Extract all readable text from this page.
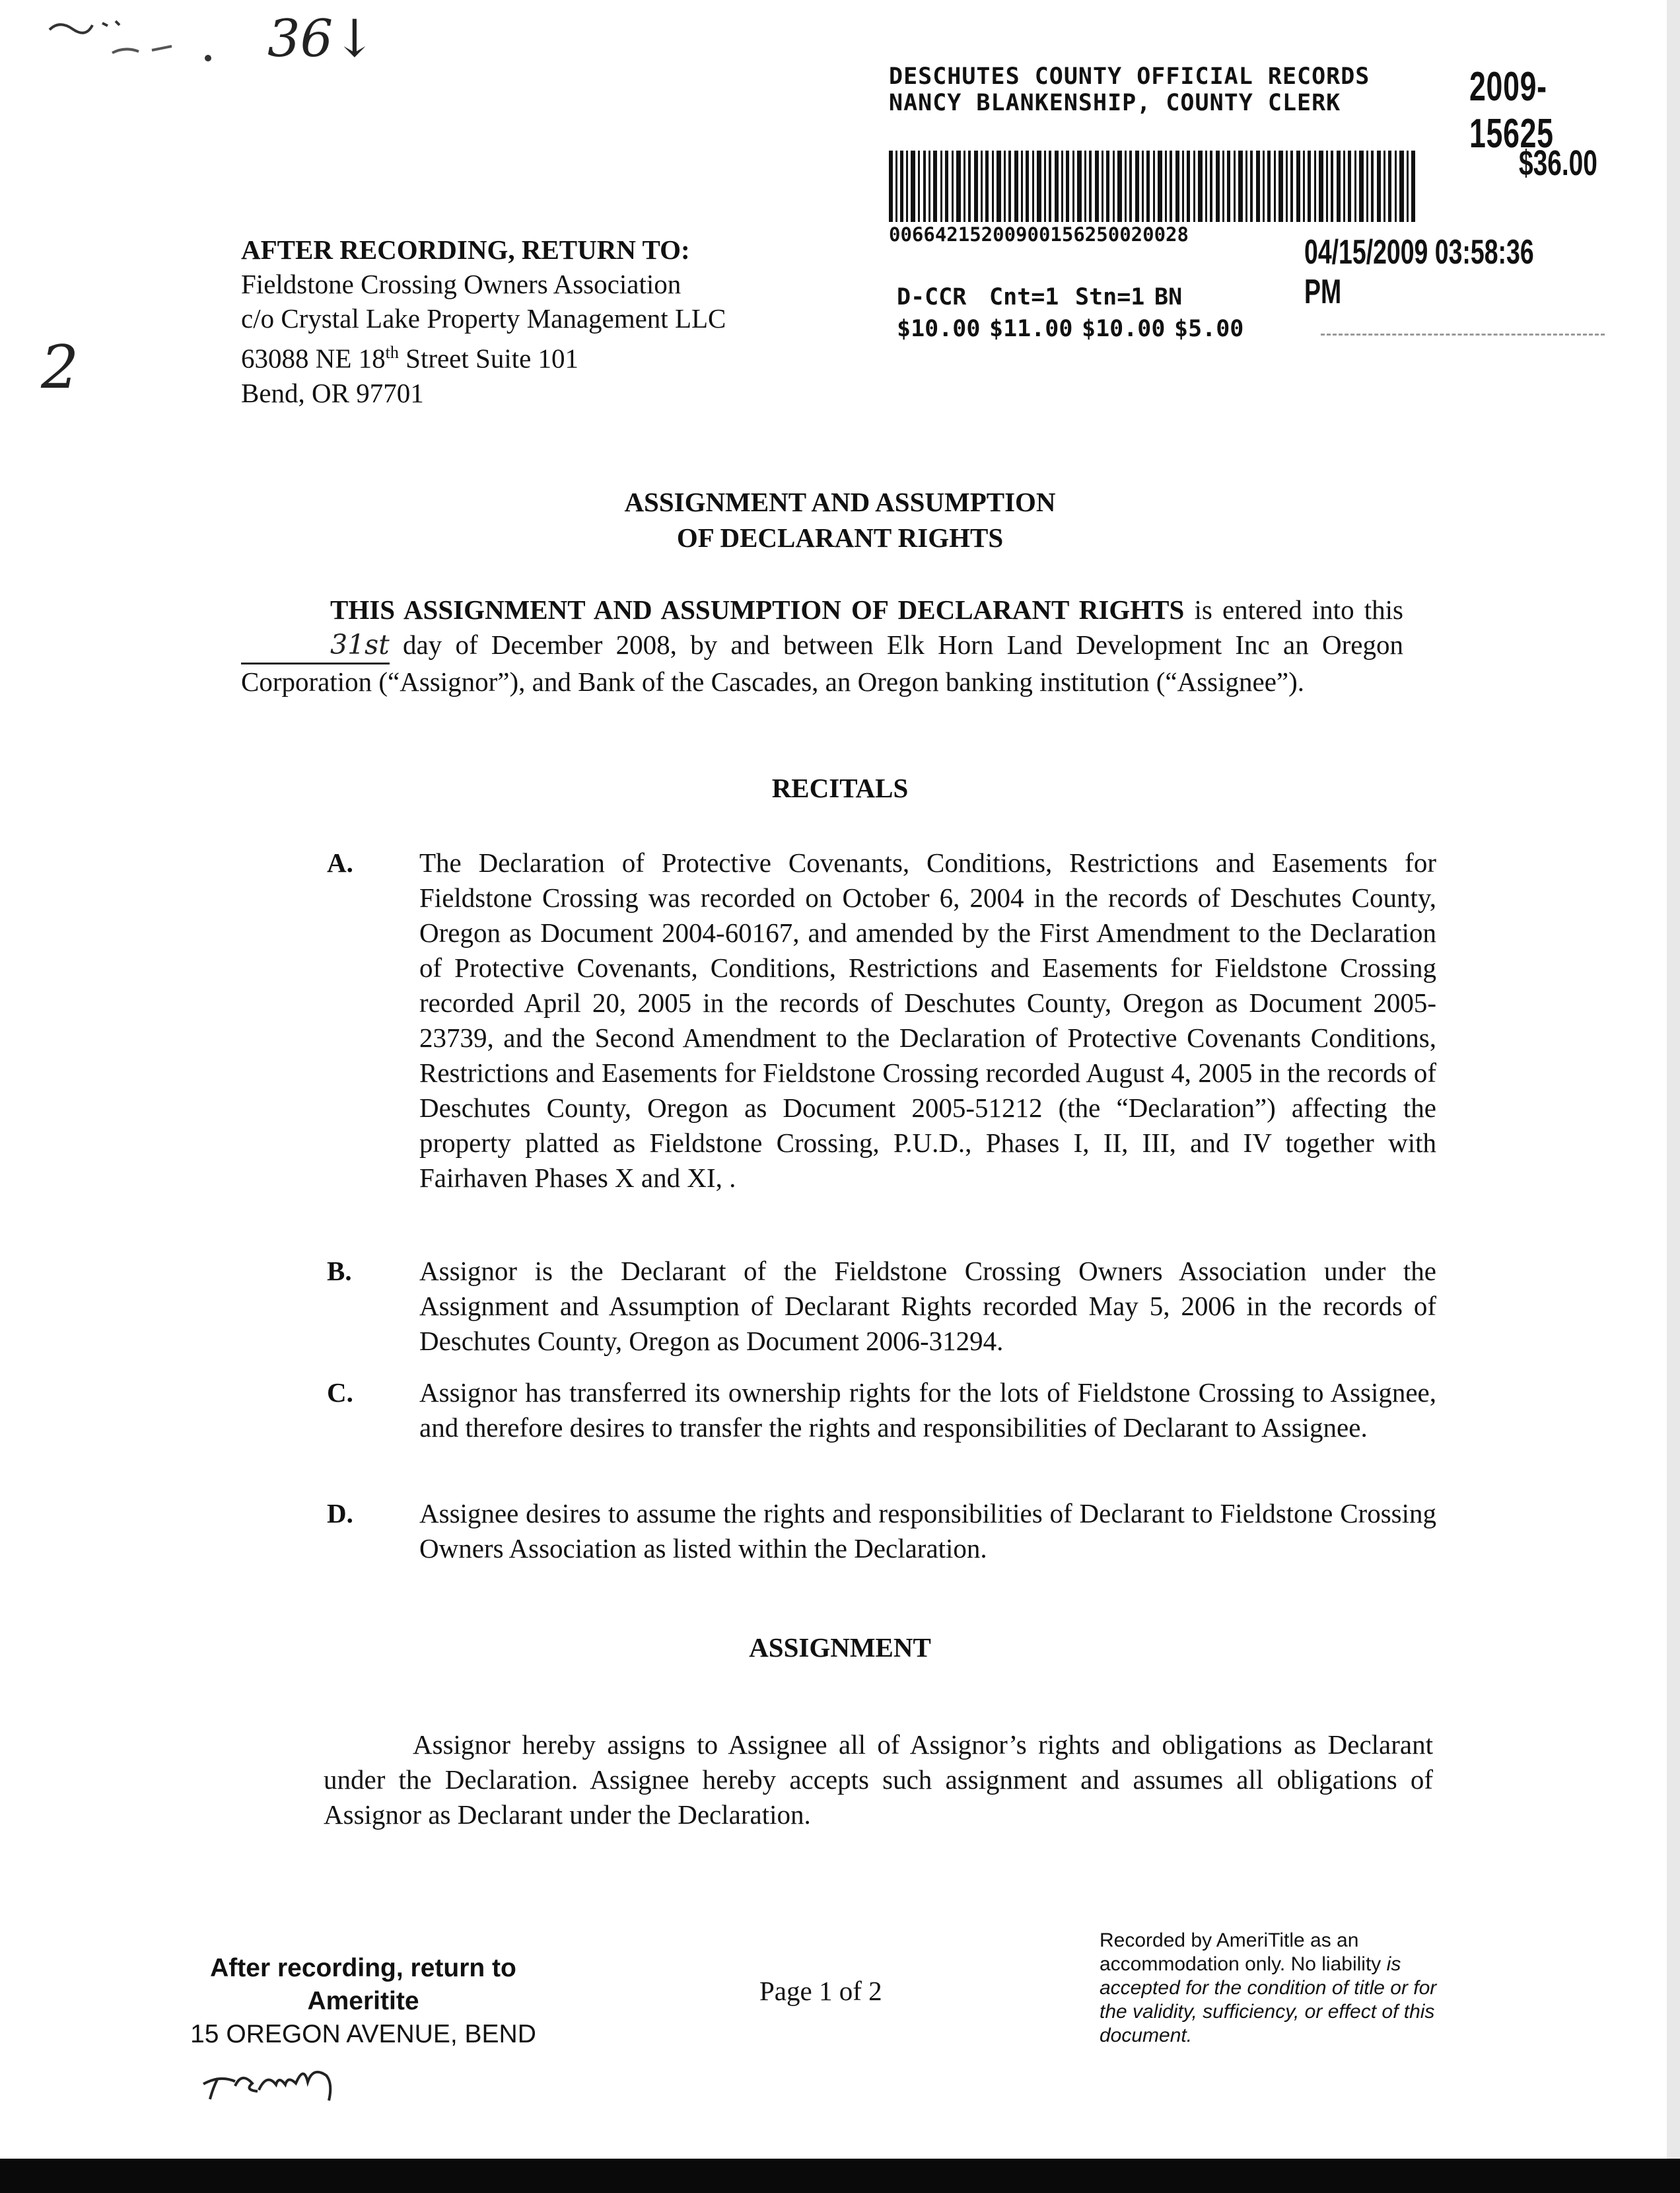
36↓
2
DESCHUTES COUNTY OFFICIAL RECORDS
NANCY BLANKENSHIP, COUNTY CLERK	2009-15625
$36.00
00664215200900156250020028	04/15/2009 03:58:36 PM
D-CCR Cnt=1 Stn=1 BN
$10.00 $11.00 $10.00 $5.00
AFTER RECORDING, RETURN TO:
Fieldstone Crossing Owners Association
c/o Crystal Lake Property Management LLC
63088 NE 18th Street Suite 101
Bend, OR 97701
ASSIGNMENT AND ASSUMPTION
OF DECLARANT RIGHTS
THIS ASSIGNMENT AND ASSUMPTION OF DECLARANT RIGHTS is entered into this 31st day of December 2008, by and between Elk Horn Land Development Inc an Oregon Corporation (“Assignor”), and Bank of the Cascades, an Oregon banking institution (“Assignee”).
RECITALS
A. The Declaration of Protective Covenants, Conditions, Restrictions and Easements for Fieldstone Crossing was recorded on October 6, 2004 in the records of Deschutes County, Oregon as Document 2004-60167, and amended by the First Amendment to the Declaration of Protective Covenants, Conditions, Restrictions and Easements for Fieldstone Crossing recorded April 20, 2005 in the records of Deschutes County, Oregon as Document 2005-23739, and the Second Amendment to the Declaration of Protective Covenants Conditions, Restrictions and Easements for Fieldstone Crossing recorded August 4, 2005 in the records of Deschutes County, Oregon as Document 2005-51212 (the “Declaration”) affecting the property platted as Fieldstone Crossing, P.U.D., Phases I, II, III, and IV together with Fairhaven Phases X and XI, .
B. Assignor is the Declarant of the Fieldstone Crossing Owners Association under the Assignment and Assumption of Declarant Rights recorded May 5, 2006 in the records of Deschutes County, Oregon as Document 2006-31294.
C. Assignor has transferred its ownership rights for the lots of Fieldstone Crossing to Assignee, and therefore desires to transfer the rights and responsibilities of Declarant to Assignee.
D. Assignee desires to assume the rights and responsibilities of Declarant to Fieldstone Crossing Owners Association as listed within the Declaration.
ASSIGNMENT
Assignor hereby assigns to Assignee all of Assignor’s rights and obligations as Declarant under the Declaration. Assignee hereby accepts such assignment and assumes all obligations of Assignor as Declarant under the Declaration.
After recording, return to
Ameritite
15 OREGON AVENUE, BEND
Page 1 of 2
Recorded by AmeriTitle as an accommodation only. No liability is accepted for the condition of title or for the validity, sufficiency, or effect of this document.
